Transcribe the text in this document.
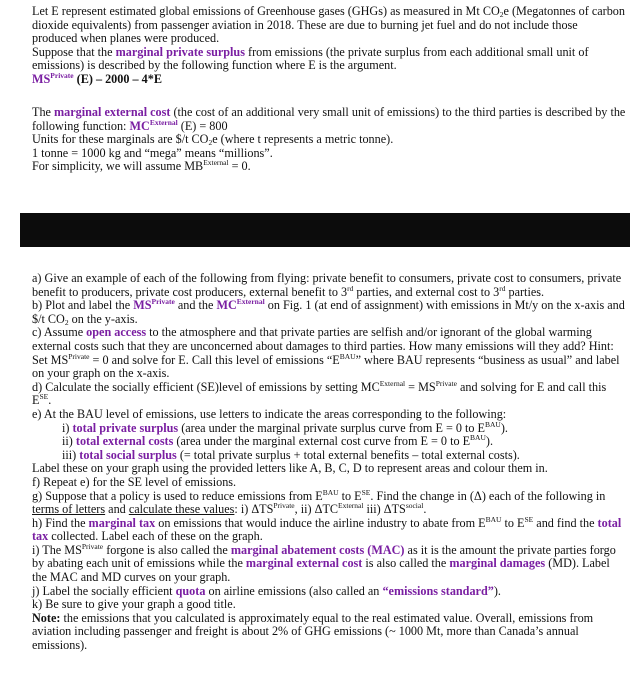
Let E represent estimated global emissions of Greenhouse gases (GHGs) as measured in Mt $CO_2e$ (Megatonnes of carbon
dioxide equivalents) from passenger aviation in 2018. These are due to burning jet fuel and do not include those
produced when planes were produced.
Suppose that the marginal private surplus from emissions (the private surplus from each additional small unit of
emissions) is described by the following function where E is the argument.
$MS^{Private}$ (E) – 2000 – 4*E
The marginal external cost (the cost of an additional very small unit of emissions) to the third parties is described by the
following function: $MC^{External}$ (E) = 800
Units for these marginals are $/t $CO_2e$ (where t represents a metric tonne).
1 tonne = 1000 kg and “mega” means “millions”.
For simplicity, we will assume $MB^{External} = 0$.
a) Give an example of each of the following from flying: private benefit to consumers, private cost to consumers, private
benefit to producers, private cost producers, external benefit to 3rd parties, and external cost to 3rd parties.
b) Plot and label the $MS^{Private}$ and the $MC^{External}$ on Fig. 1 (at end of assignment) with emissions in Mt/y on the x-axis and
$/t $CO_2$ on the y-axis.
c) Assume open access to the atmosphere and that private parties are selfish and/or ignorant of the global warming
external costs such that they are unconcerned about damages to third parties. How many emissions will they add? Hint:
Set $MS^{Private} = 0$ and solve for E. Call this level of emissions “$E^{BAU}$” where BAU represents “business as usual” and label
on your graph on the x-axis.
d) Calculate the socially efficient (SE)level of emissions by setting $MC^{External} = MS^{Private}$ and solving for E and call this
$E^{SE}$.
e) At the BAU level of emissions, use letters to indicate the areas corresponding to the following:
i) total private surplus (area under the marginal private surplus curve from E = 0 to $E^{BAU}$).
ii) total external costs (area under the marginal external cost curve from E = 0 to $E^{BAU}$).
iii) total social surplus (= total private surplus + total external benefits – total external costs).
Label these on your graph using the provided letters like A, B, C, D to represent areas and colour them in.
f) Repeat e) for the SE level of emissions.
g) Suppose that a policy is used to reduce emissions from $E^{BAU}$ to $E^{SE}$. Find the change in (Δ) each of the following in
terms of letters and calculate these values: i) $\Delta TS^{Private}$, ii) $\Delta TC^{External}$ iii) $\Delta TS^{social}$.
h) Find the marginal tax on emissions that would induce the airline industry to abate from $E^{BAU}$ to $E^{SE}$ and find the total
tax collected. Label each of these on the graph.
i) The $MS^{Private}$ forgone is also called the marginal abatement costs (MAC) as it is the amount the private parties forgo
by abating each unit of emissions while the marginal external cost is also called the marginal damages (MD). Label
the MAC and MD curves on your graph.
j) Label the socially efficient quota on airline emissions (also called an “emissions standard”).
k) Be sure to give your graph a good title.
Note: the emissions that you calculated is approximately equal to the real estimated value. Overall, emissions from
aviation including passenger and freight is about 2% of GHG emissions (~ 1000 Mt, more than Canada’s annual
emissions).
